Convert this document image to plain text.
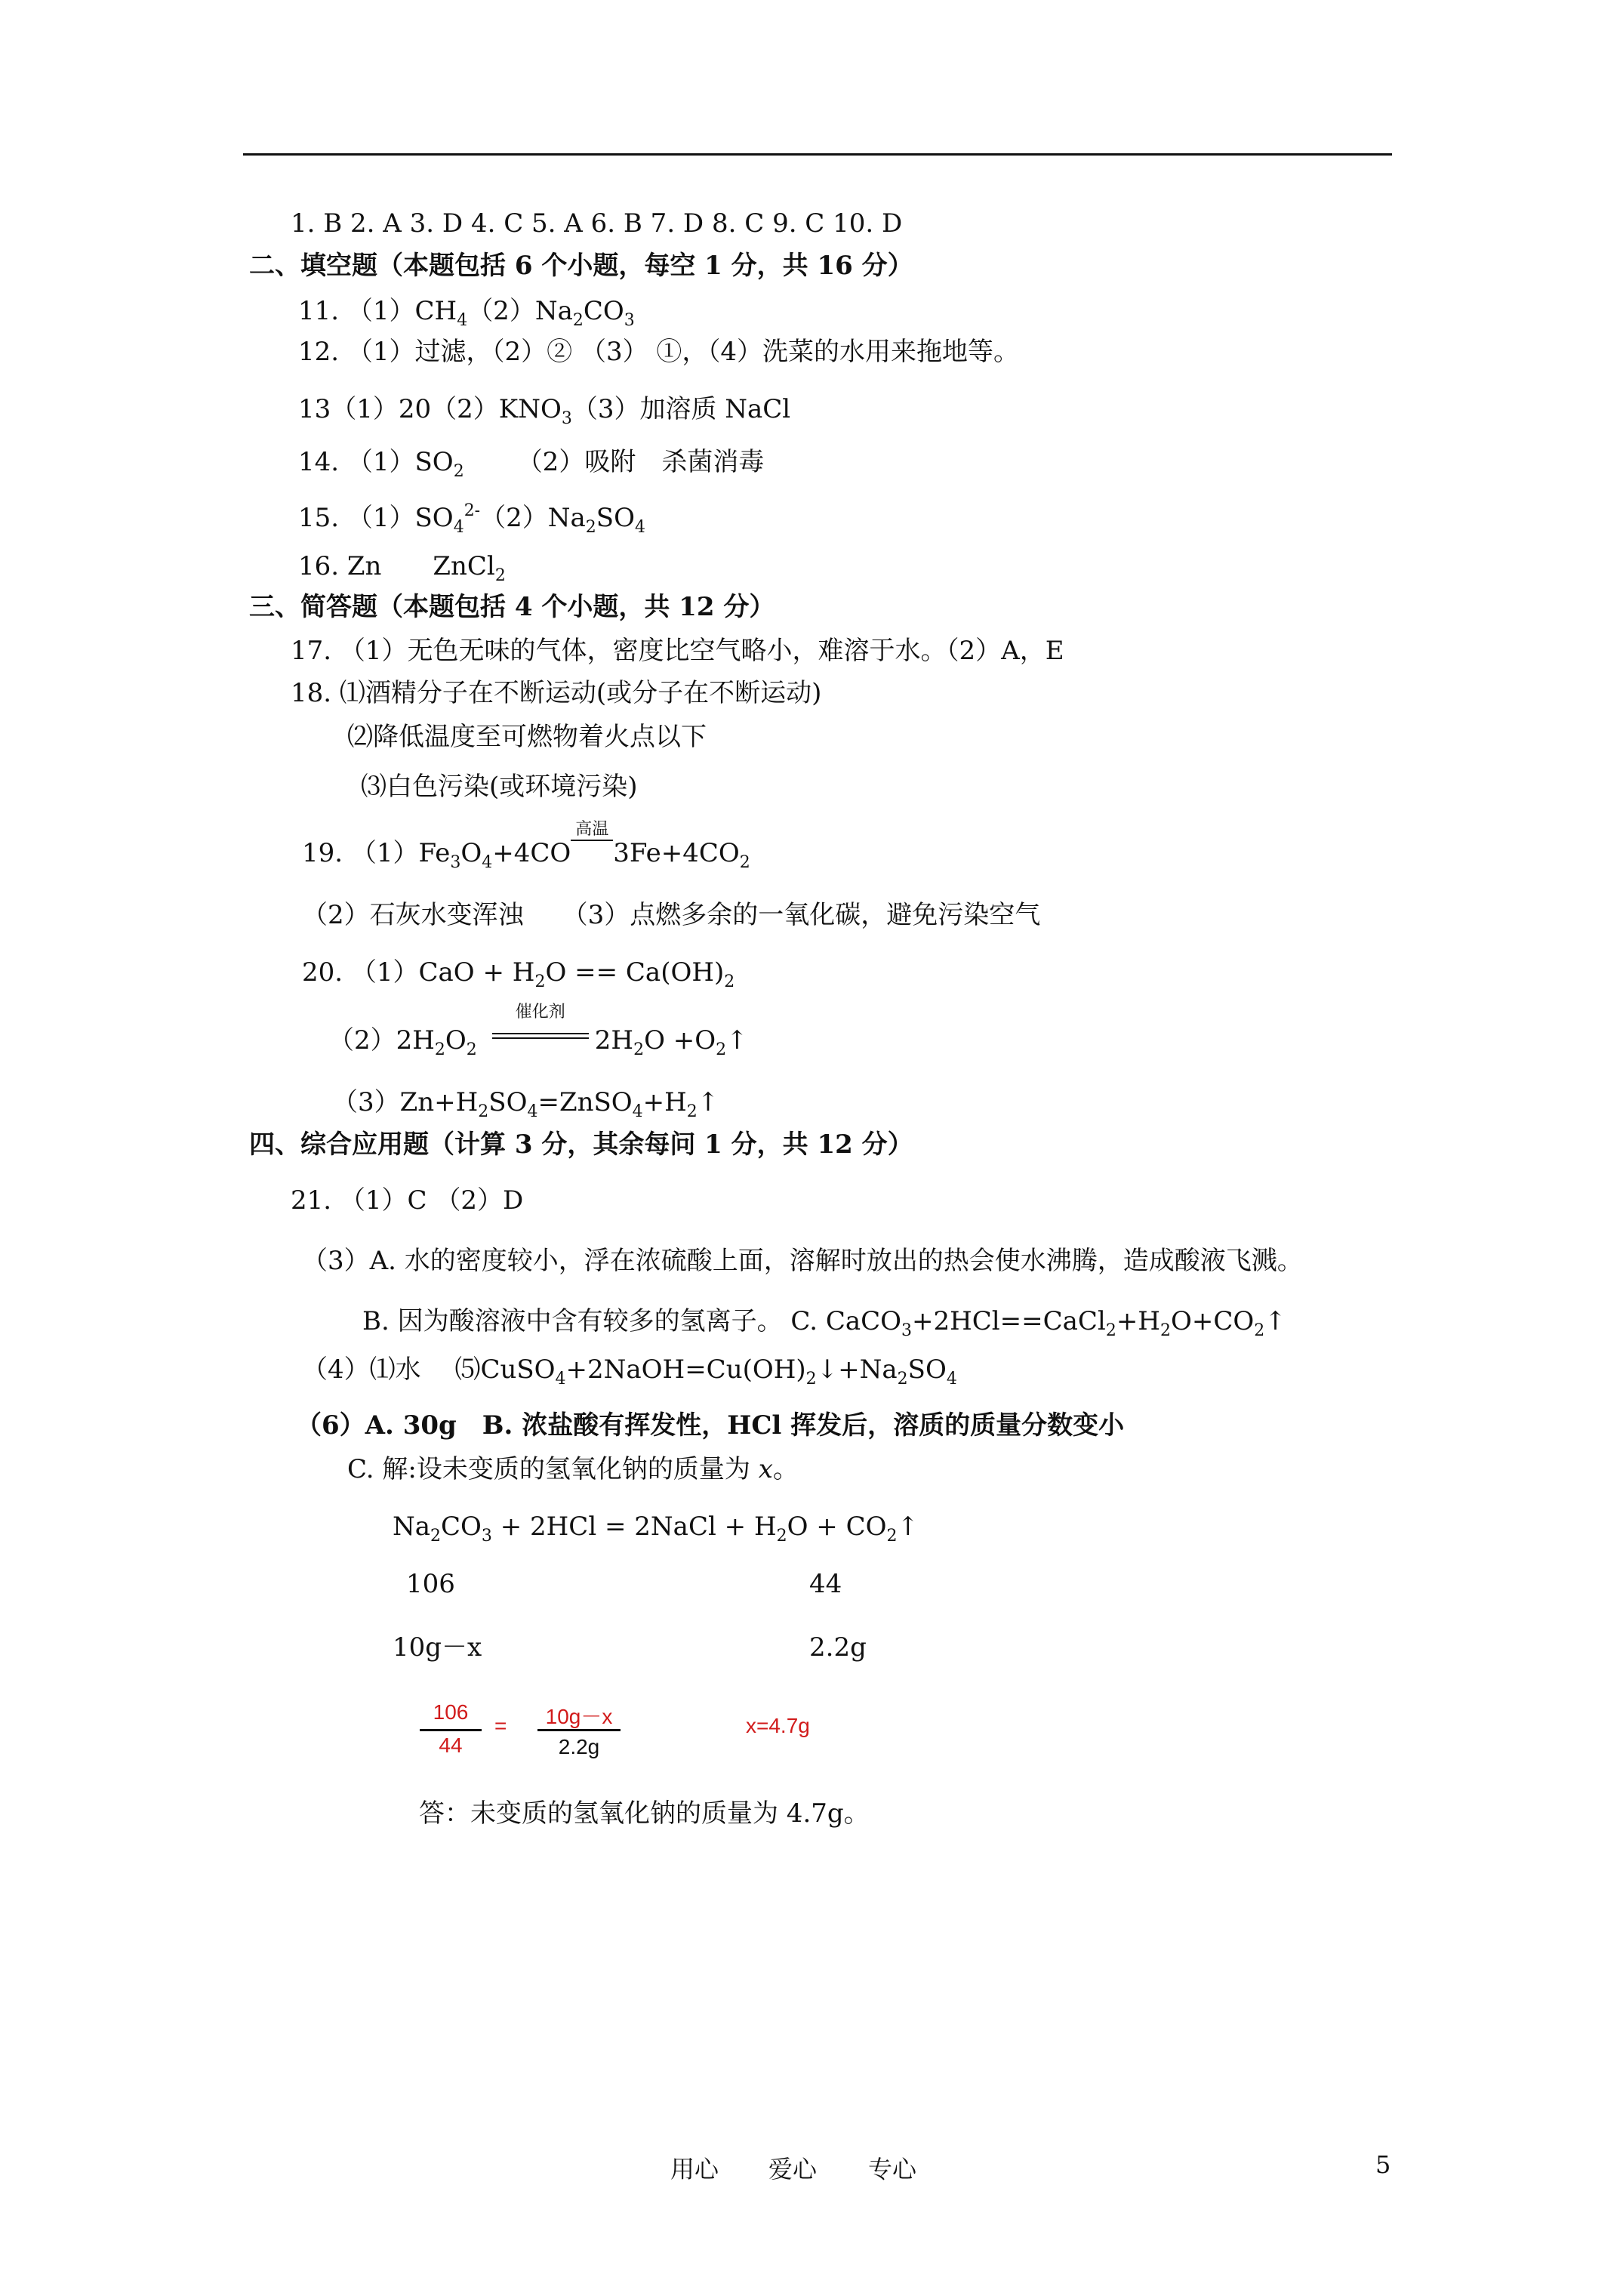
1. B 2. A 3. D 4. C 5. A 6. B 7. D 8. C 9. C 10. D
二、填空题（本题包括 6 个小题，每空 1 分，共 16 分）
11. $(1)CH_4(2)Na_2CO_3$
12. （1）过滤，（2）② （3） ①，（4）洗菜的水用来拖地等。
$13(1)20(2)KNO_3(3)$加溶质 NaCl
14. $(1)SO_2$ （2）吸附　杀菌消毒
15. $(1)SO_4^{2-}(2)Na_2SO_4$
16. Zn　　ZnCl$_2$
三、简答题（本题包括 4 个小题，共 12 分）
17. （1）无色无味的气体，密度比空气略小，难溶于水。（2）A，E
18. ⑴酒精分子在不断运动(或分子在不断运动)
⑵降低温度至可燃物着火点以下
⑶白色污染(或环境污染)
19. $(1)Fe_3O_4+4CO$
高温
$3Fe+4CO_2$
（2）石灰水变浑浊　　（3）点燃多余的一氧化碳，避免污染空气
20. $(1)CaO + H_2O == Ca(OH)_2$
$(2)2H_2O_2$
催化剂
$2H_2O$ $+O_2↑$
$(3)Zn+H_2SO_4=ZnSO_4+H_2↑$
四、综合应用题（计算 3 分，其余每问 1 分，共 12 分）
21. （1）C （2）D
（3）A. 水的密度较小，浮在浓硫酸上面，溶解时放出的热会使水沸腾，造成酸液飞溅。
B. 因为酸溶液中含有较多的氢离子。 C. $CaCO_3+2HCl==CaCl_2+H_2O+CO_2↑$
（4）⑴水　 $⑸CuSO_4+2NaOH=Cu(OH)_2↓+Na_2SO_4$
（6）A. 30g　B. 浓盐酸有挥发性，HCl 挥发后，溶质的质量分数变小
C. 解:设未变质的氢氧化钠的质量为 x。
$Na_2CO_3 + 2HCl$ = 2NaCl + $H_2O$ + $CO_2↑$
106	44
10g－x	2.2g
106
44
=	10g－x
2.2g
x=4.7g
答：未变质的氢氧化钠的质量为 4.7g。
用心 爱心 专心	5
